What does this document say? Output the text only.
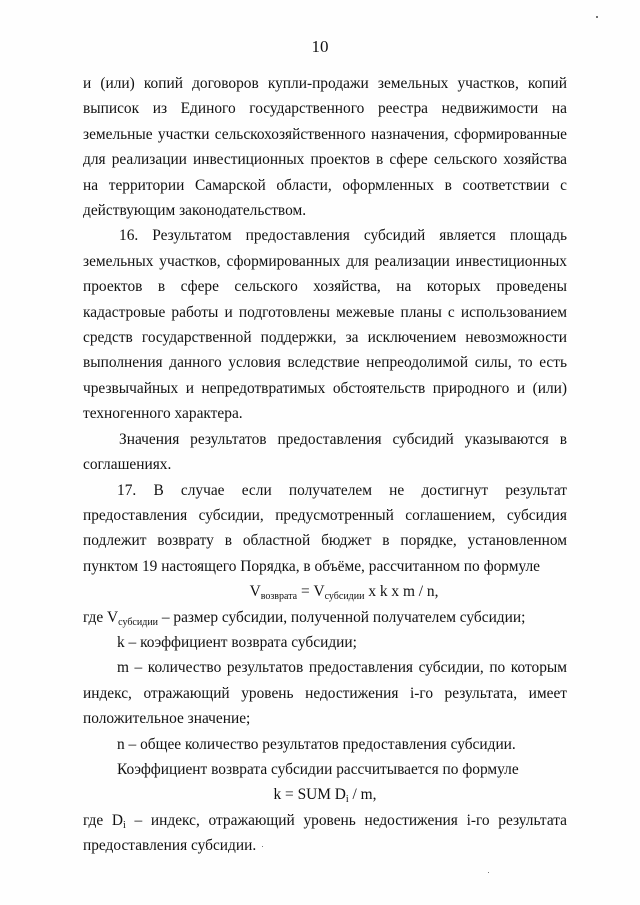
10

и (или) копий договоров купли-продажи земельных участков, копий выписок из Единого государственного реестра недвижимости на земельные участки сельскохозяйственного назначения, сформированные для реализации инвестиционных проектов в сфере сельского хозяйства на территории Самарской области, оформленных в соответствии с действующим законодательством.

16. Результатом предоставления субсидий является площадь земельных участков, сформированных для реализации инвестиционных проектов в сфере сельского хозяйства, на которых проведены кадастровые работы и подготовлены межевые планы с использованием средств государственной поддержки, за исключением невозможности выполнения данного условия вследствие непреодолимой силы, то есть чрезвычайных и непредотвратимых обстоятельств природного и (или) техногенного характера.

Значения результатов предоставления субсидий указываются в соглашениях.

17. В случае если получателем не достигнут результат предоставления субсидии, предусмотренный соглашением, субсидия подлежит возврату в областной бюджет в порядке, установленном пунктом 19 настоящего Порядка, в объёме, рассчитанном по формуле

$V_{возврата} = V_{субсидии}$ x k x m / n,

где $V_{субсидии}$ – размер субсидии, полученной получателем субсидии;

k – коэффициент возврата субсидии;

m – количество результатов предоставления субсидии, по которым индекс, отражающий уровень недостижения i-го результата, имеет положительное значение;

n – общее количество результатов предоставления субсидии.

Коэффициент возврата субсидии рассчитывается по формуле

k = SUM $D_i$ / m,

где $D_i$ – индекс, отражающий уровень недостижения i-го результата предоставления субсидии.
